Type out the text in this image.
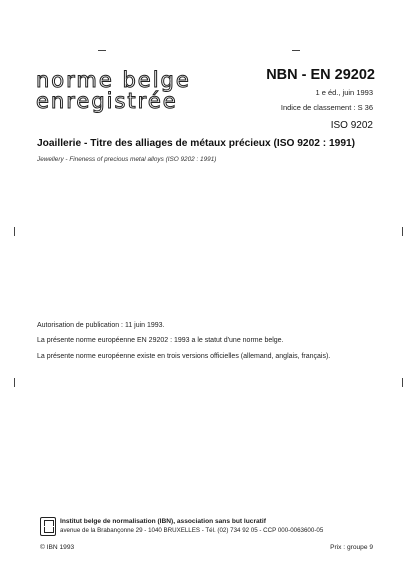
norme belge
enregistrée
NBN - EN 29202
1 e éd., juin 1993
Indice de classement : S 36
ISO 9202
Joaillerie - Titre des alliages de métaux précieux (ISO 9202 : 1991)
Jewellery - Fineness of precious metal alloys (ISO 9202 : 1991)
Autorisation de publication : 11 juin 1993.
La présente norme européenne EN 29202 : 1993 a le statut d'une norme belge.
La présente norme européenne existe en trois versions officielles (allemand, anglais, français).
Institut belge de normalisation (IBN), association sans but lucratif
avenue de la Brabançonne 29 - 1040 BRUXELLES - Tél. (02) 734 92 05 - CCP 000-0063600-05
© IBN 1993	Prix : groupe 9
